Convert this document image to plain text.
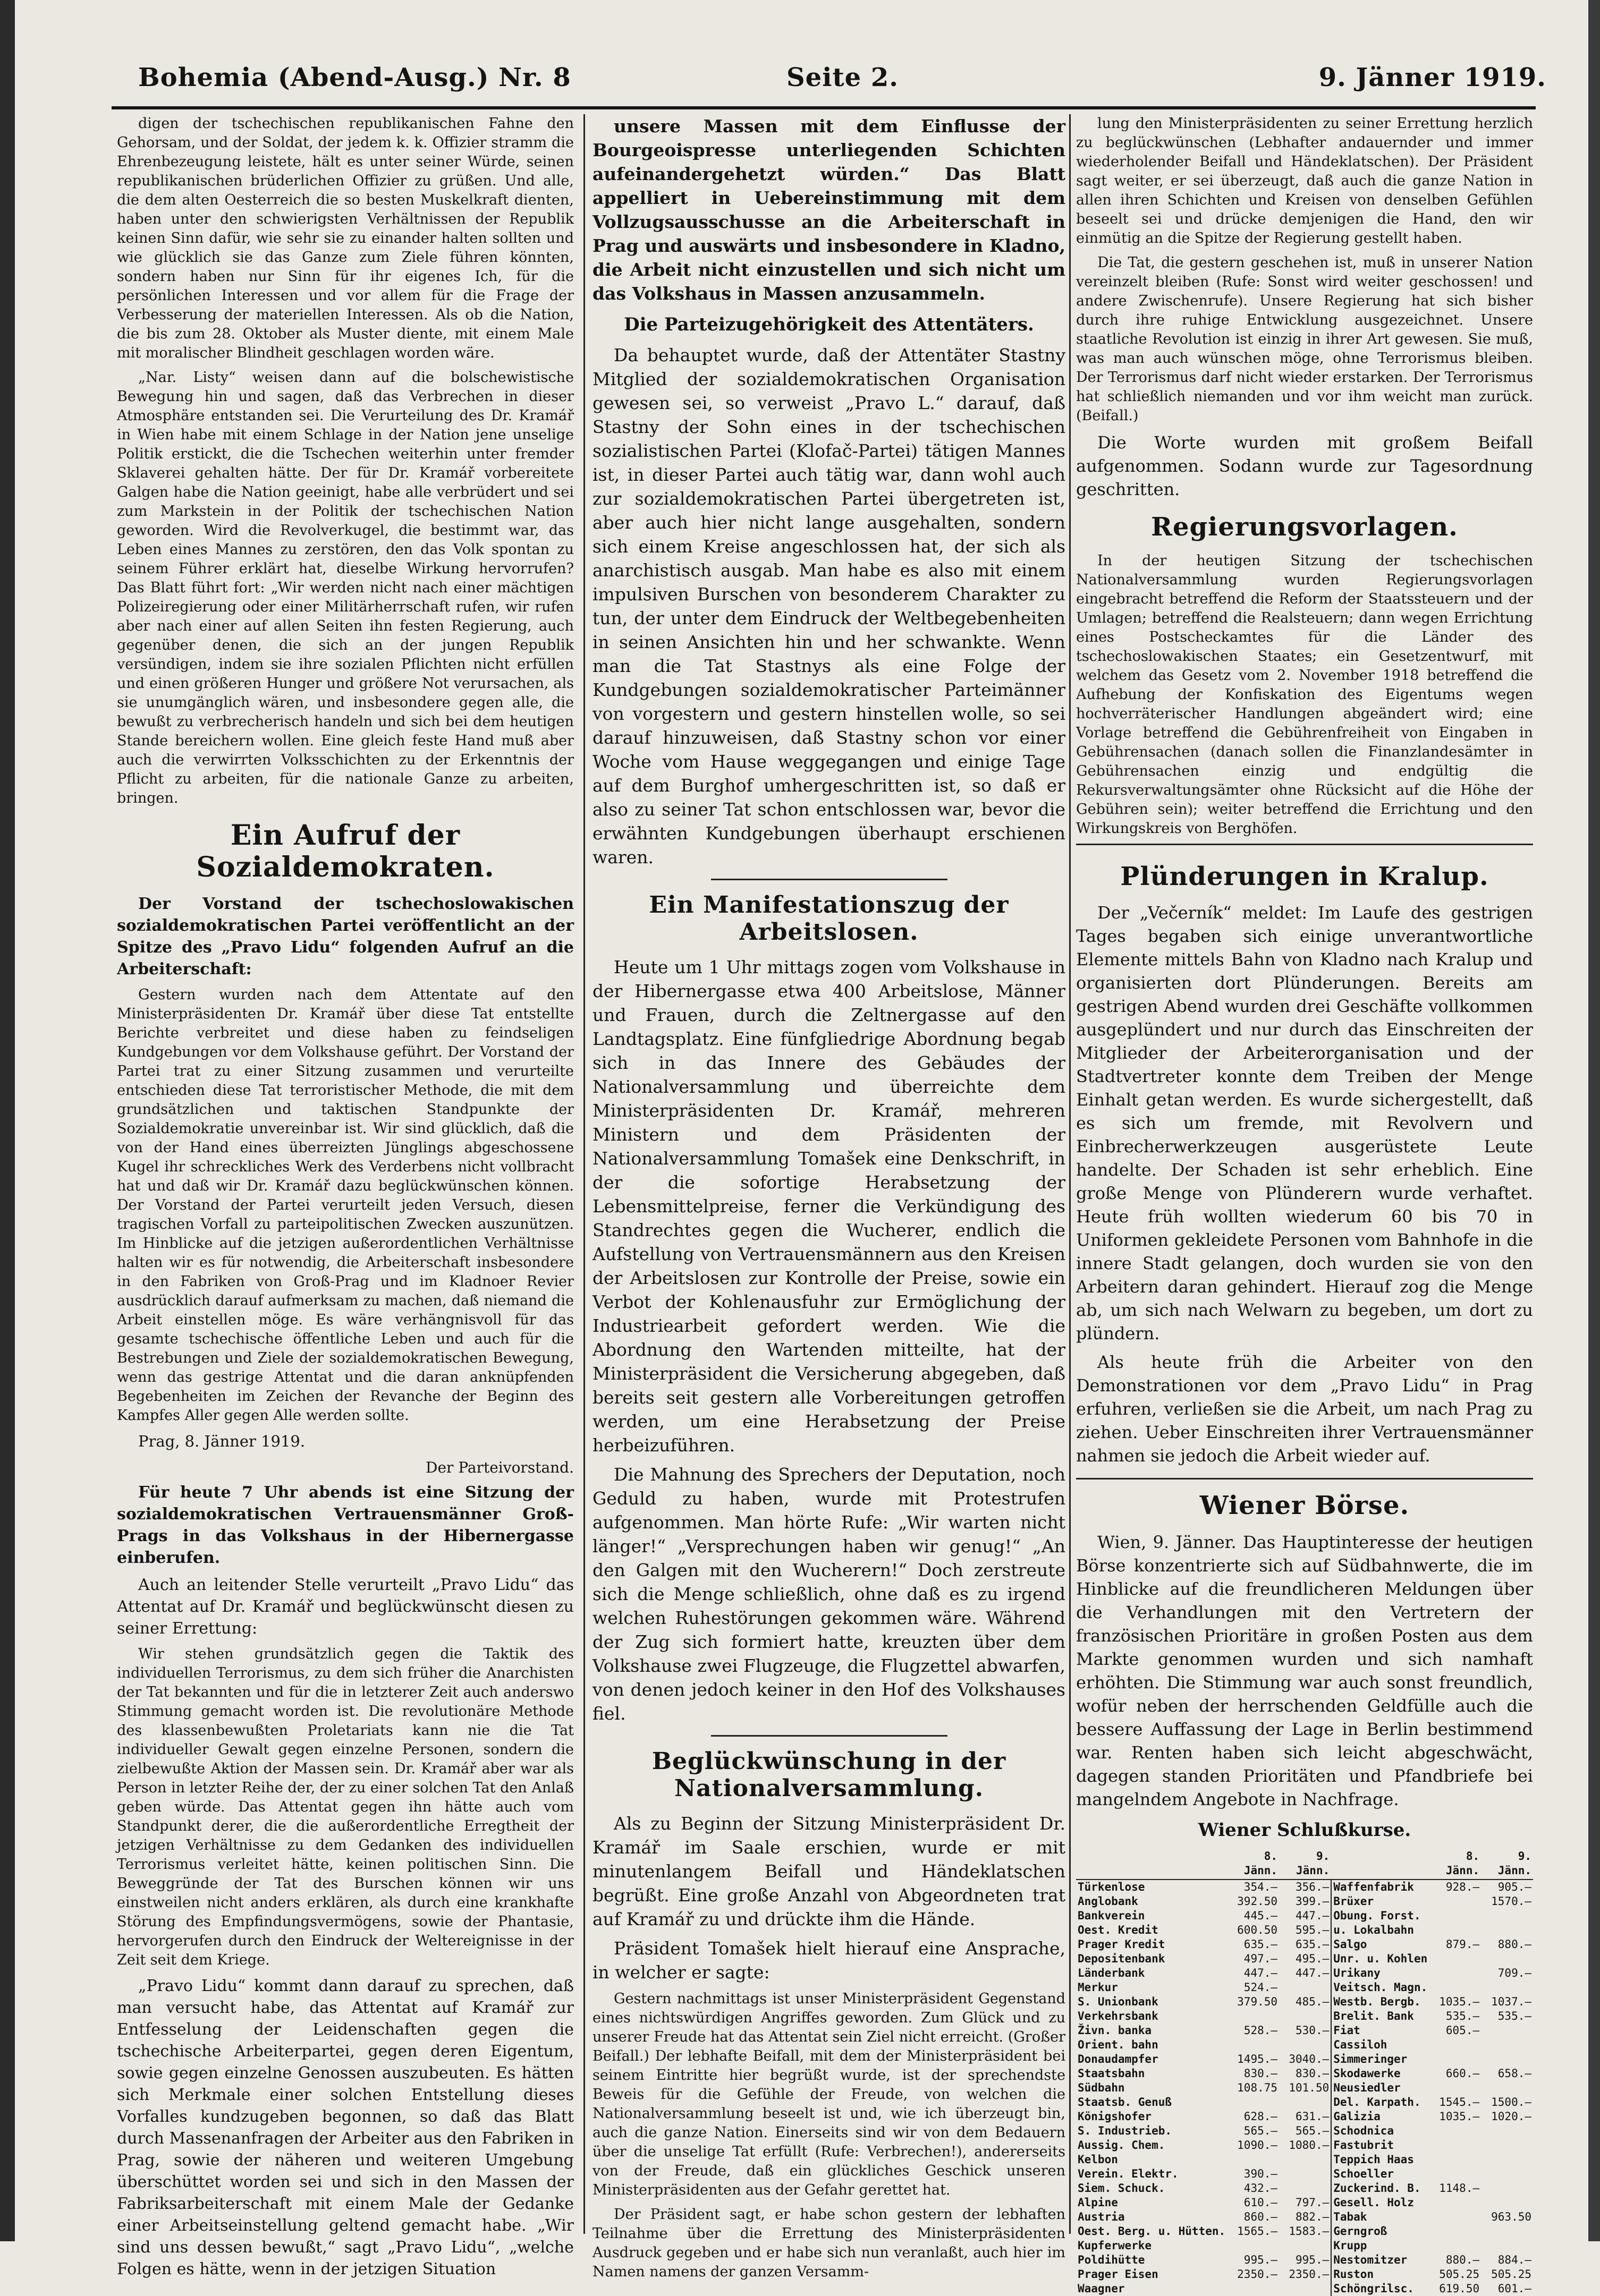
Bohemia (Abend-Ausg.) Nr. 8	Seite 2.	9. Jänner 1919.

digen der tschechischen republikanischen Fahne den Gehorsam, und der Soldat, der jedem k. k. Offizier stramm die Ehrenbezeugung leistete, hält es unter seiner Würde, seinen republikanischen brüderlichen Offizier zu grüßen. Und alle, die dem alten Oesterreich die so besten Muskelkraft dienten, haben unter den schwierigsten Verhältnissen der Republik keinen Sinn dafür, wie sehr sie zu einander halten sollten und wie glücklich sie das Ganze zum Ziele führen könnten, sondern haben nur Sinn für ihr eigenes Ich, für die persönlichen Interessen und vor allem für die Frage der Verbesserung der materiellen Interessen. Als ob die Nation, die bis zum 28. Oktober als Muster diente, mit einem Male mit moralischer Blindheit geschlagen worden wäre.

„Nar. Listy“ weisen dann auf die bolschewistische Bewegung hin und sagen, daß das Verbrechen in dieser Atmosphäre entstanden sei. Die Verurteilung des Dr. Kramář in Wien habe mit einem Schlage in der Nation jene unselige Politik erstickt, die die Tschechen weiterhin unter fremder Sklaverei gehalten hätte. Der für Dr. Kramář vorbereitete Galgen habe die Nation geeinigt, habe alle verbrüdert und sei zum Markstein in der Politik der tschechischen Nation geworden. Wird die Revolverkugel, die bestimmt war, das Leben eines Mannes zu zerstören, den das Volk spontan zu seinem Führer erklärt hat, dieselbe Wirkung hervorrufen? Das Blatt führt fort: „Wir werden nicht nach einer mächtigen Polizeiregierung oder einer Militärherrschaft rufen, wir rufen aber nach einer auf allen Seiten ihn festen Regierung, auch gegenüber denen, die sich an der jungen Republik versündigen, indem sie ihre sozialen Pflichten nicht erfüllen und einen größeren Hunger und größere Not verursachen, als sie unumgänglich wären, und insbesondere gegen alle, die bewußt zu verbrecherisch handeln und sich bei dem heutigen Stande bereichern wollen. Eine gleich feste Hand muß aber auch die verwirrten Volksschichten zu der Erkenntnis der Pflicht zu arbeiten, für die nationale Ganze zu arbeiten, bringen.

Ein Aufruf der Sozialdemokraten.

Der Vorstand der tschechoslowakischen sozialdemokratischen Partei veröffentlicht an der Spitze des „Pravo Lidu“ folgenden Aufruf an die Arbeiterschaft:

Gestern wurden nach dem Attentate auf den Ministerpräsidenten Dr. Kramář über diese Tat entstellte Berichte verbreitet und diese haben zu feindseligen Kundgebungen vor dem Volkshause geführt. Der Vorstand der Partei trat zu einer Sitzung zusammen und verurteilte entschieden diese Tat terroristischer Methode, die mit dem grundsätzlichen und taktischen Standpunkte der Sozialdemokratie unvereinbar ist. Wir sind glücklich, daß die von der Hand eines überreizten Jünglings abgeschossene Kugel ihr schreckliches Werk des Verderbens nicht vollbracht hat und daß wir Dr. Kramář dazu beglückwünschen können. Der Vorstand der Partei verurteilt jeden Versuch, diesen tragischen Vorfall zu parteipolitischen Zwecken auszunützen. Im Hinblicke auf die jetzigen außerordentlichen Verhältnisse halten wir es für notwendig, die Arbeiterschaft insbesondere in den Fabriken von Groß-Prag und im Kladnoer Revier ausdrücklich darauf aufmerksam zu machen, daß niemand die Arbeit einstellen möge. Es wäre verhängnisvoll für das gesamte tschechische öffentliche Leben und auch für die Bestrebungen und Ziele der sozialdemokratischen Bewegung, wenn das gestrige Attentat und die daran anknüpfenden Begebenheiten im Zeichen der Revanche der Beginn des Kampfes Aller gegen Alle werden sollte.

Prag, 8. Jänner 1919.
Der Parteivorstand.

Für heute 7 Uhr abends ist eine Sitzung der sozialdemokratischen Vertrauensmänner Groß-Prags in das Volkshaus in der Hibernergasse einberufen.

Auch an leitender Stelle verurteilt „Pravo Lidu“ das Attentat auf Dr. Kramář und beglückwünscht diesen zu seiner Errettung:

Wir stehen grundsätzlich gegen die Taktik des individuellen Terrorismus, zu dem sich früher die Anarchisten der Tat bekannten und für die in letzterer Zeit auch anderswo Stimmung gemacht worden ist. Die revolutionäre Methode des klassenbewußten Proletariats kann nie die Tat individueller Gewalt gegen einzelne Personen, sondern die zielbewußte Aktion der Massen sein. Dr. Kramář aber war als Person in letzter Reihe der, der zu einer solchen Tat den Anlaß geben würde. Das Attentat gegen ihn hätte auch vom Standpunkt derer, die die außerordentliche Erregtheit der jetzigen Verhältnisse zu dem Gedanken des individuellen Terrorismus verleitet hätte, keinen politischen Sinn. Die Beweggründe der Tat des Burschen können wir uns einstweilen nicht anders erklären, als durch eine krankhafte Störung des Empfindungsvermögens, sowie der Phantasie, hervorgerufen durch den Eindruck der Weltereignisse in der Zeit seit dem Kriege.

„Pravo Lidu“ kommt dann darauf zu sprechen, daß man versucht habe, das Attentat auf Kramář zur Entfesselung der Leidenschaften gegen die tschechische Arbeiterpartei, gegen deren Eigentum, sowie gegen einzelne Genossen auszubeuten. Es hätten sich Merkmale einer solchen Entstellung dieses Vorfalles kundzugeben begonnen, so daß das Blatt durch Massenanfragen der Arbeiter aus den Fabriken in Prag, sowie der näheren und weiteren Umgebung überschüttet worden sei und sich in den Massen der Fabriksarbeiterschaft mit einem Male der Gedanke einer Arbeitseinstellung geltend gemacht habe. „Wir sind uns dessen bewußt,“ sagt „Pravo Lidu“, „welche Folgen es hätte, wenn in der jetzigen Situation

unsere Massen mit dem Einflusse der Bourgeoispresse unterliegenden Schichten aufeinandergehetzt würden.“ Das Blatt appelliert in Uebereinstimmung mit dem Vollzugsausschusse an die Arbeiterschaft in Prag und auswärts und insbesondere in Kladno, die Arbeit nicht einzustellen und sich nicht um das Volkshaus in Massen anzusammeln.

Die Parteizugehörigkeit des Attentäters.

Da behauptet wurde, daß der Attentäter Stastny Mitglied der sozialdemokratischen Organisation gewesen sei, so verweist „Pravo L.“ darauf, daß Stastny der Sohn eines in der tschechischen sozialistischen Partei (Klofač-Partei) tätigen Mannes ist, in dieser Partei auch tätig war, dann wohl auch zur sozialdemokratischen Partei übergetreten ist, aber auch hier nicht lange ausgehalten, sondern sich einem Kreise angeschlossen hat, der sich als anarchistisch ausgab. Man habe es also mit einem impulsiven Burschen von besonderem Charakter zu tun, der unter dem Eindruck der Weltbegebenheiten in seinen Ansichten hin und her schwankte. Wenn man die Tat Stastnys als eine Folge der Kundgebungen sozialdemokratischer Parteimänner von vorgestern und gestern hinstellen wolle, so sei darauf hinzuweisen, daß Stastny schon vor einer Woche vom Hause weggegangen und einige Tage auf dem Burghof umhergeschritten ist, so daß er also zu seiner Tat schon entschlossen war, bevor die erwähnten Kundgebungen überhaupt erschienen waren.

Ein Manifestationszug der Arbeitslosen.

Heute um 1 Uhr mittags zogen vom Volkshause in der Hibernergasse etwa 400 Arbeitslose, Männer und Frauen, durch die Zeltnergasse auf den Landtagsplatz. Eine fünfgliedrige Abordnung begab sich in das Innere des Gebäudes der Nationalversammlung und überreichte dem Ministerpräsidenten Dr. Kramář, mehreren Ministern und dem Präsidenten der Nationalversammlung Tomašek eine Denkschrift, in der die sofortige Herabsetzung der Lebensmittelpreise, ferner die Verkündigung des Standrechtes gegen die Wucherer, endlich die Aufstellung von Vertrauensmännern aus den Kreisen der Arbeitslosen zur Kontrolle der Preise, sowie ein Verbot der Kohlenausfuhr zur Ermöglichung der Industriearbeit gefordert werden. Wie die Abordnung den Wartenden mitteilte, hat der Ministerpräsident die Versicherung abgegeben, daß bereits seit gestern alle Vorbereitungen getroffen werden, um eine Herabsetzung der Preise herbeizuführen.

Die Mahnung des Sprechers der Deputation, noch Geduld zu haben, wurde mit Protestrufen aufgenommen. Man hörte Rufe: „Wir warten nicht länger!“ „Versprechungen haben wir genug!“ „An den Galgen mit den Wucherern!“ Doch zerstreute sich die Menge schließlich, ohne daß es zu irgend welchen Ruhestörungen gekommen wäre. Während der Zug sich formiert hatte, kreuzten über dem Volkshause zwei Flugzeuge, die Flugzettel abwarfen, von denen jedoch keiner in den Hof des Volkshauses fiel.

Beglückwünschung in der Nationalversammlung.

Als zu Beginn der Sitzung Ministerpräsident Dr. Kramář im Saale erschien, wurde er mit minutenlangem Beifall und Händeklatschen begrüßt. Eine große Anzahl von Abgeordneten trat auf Kramář zu und drückte ihm die Hände.

Präsident Tomašek hielt hierauf eine Ansprache, in welcher er sagte:

Gestern nachmittags ist unser Ministerpräsident Gegenstand eines nichtswürdigen Angriffes geworden. Zum Glück und zu unserer Freude hat das Attentat sein Ziel nicht erreicht. (Großer Beifall.) Der lebhafte Beifall, mit dem der Ministerpräsident bei seinem Eintritte hier begrüßt wurde, ist der sprechendste Beweis für die Gefühle der Freude, von welchen die Nationalversammlung beseelt ist und, wie ich überzeugt bin, auch die ganze Nation. Einerseits sind wir von dem Bedauern über die unselige Tat erfüllt (Rufe: Verbrechen!), andererseits von der Freude, daß ein glückliches Geschick unseren Ministerpräsidenten aus der Gefahr gerettet hat.

Der Präsident sagt, er habe schon gestern der lebhaften Teilnahme über die Errettung des Ministerpräsidenten Ausdruck gegeben und er habe sich nun veranlaßt, auch hier im Namen namens der ganzen Versamm-

lung den Ministerpräsidenten zu seiner Errettung herzlich zu beglückwünschen (Lebhafter andauernder und immer wiederholender Beifall und Händeklatschen). Der Präsident sagt weiter, er sei überzeugt, daß auch die ganze Nation in allen ihren Schichten und Kreisen von denselben Gefühlen beseelt sei und drücke demjenigen die Hand, den wir einmütig an die Spitze der Regierung gestellt haben.

Die Tat, die gestern geschehen ist, muß in unserer Nation vereinzelt bleiben (Rufe: Sonst wird weiter geschossen! und andere Zwischenrufe). Unsere Regierung hat sich bisher durch ihre ruhige Entwicklung ausgezeichnet. Unsere staatliche Revolution ist einzig in ihrer Art gewesen. Sie muß, was man auch wünschen möge, ohne Terrorismus bleiben. Der Terrorismus darf nicht wieder erstarken. Der Terrorismus hat schließlich niemanden und vor ihm weicht man zurück. (Beifall.)

Die Worte wurden mit großem Beifall aufgenommen. Sodann wurde zur Tagesordnung geschritten.

Regierungsvorlagen.

In der heutigen Sitzung der tschechischen Nationalversammlung wurden Regierungsvorlagen eingebracht betreffend die Reform der Staatssteuern und der Umlagen; betreffend die Realsteuern; dann wegen Errichtung eines Postscheckamtes für die Länder des tschechoslowakischen Staates; ein Gesetzentwurf, mit welchem das Gesetz vom 2. November 1918 betreffend die Aufhebung der Konfiskation des Eigentums wegen hochverräterischer Handlungen abgeändert wird; eine Vorlage betreffend die Gebührenfreiheit von Eingaben in Gebührensachen (danach sollen die Finanzlandesämter in Gebührensachen einzig und endgültig die Rekursverwaltungsämter ohne Rücksicht auf die Höhe der Gebühren sein); weiter betreffend die Errichtung und den Wirkungskreis von Berghöfen.

Plünderungen in Kralup.

Der „Večerník“ meldet: Im Laufe des gestrigen Tages begaben sich einige unverantwortliche Elemente mittels Bahn von Kladno nach Kralup und organisierten dort Plünderungen. Bereits am gestrigen Abend wurden drei Geschäfte vollkommen ausgeplündert und nur durch das Einschreiten der Mitglieder der Arbeiterorganisation und der Stadtvertreter konnte dem Treiben der Menge Einhalt getan werden. Es wurde sichergestellt, daß es sich um fremde, mit Revolvern und Einbrecherwerkzeugen ausgerüstete Leute handelte. Der Schaden ist sehr erheblich. Eine große Menge von Plünderern wurde verhaftet. Heute früh wollten wiederum 60 bis 70 in Uniformen gekleidete Personen vom Bahnhofe in die innere Stadt gelangen, doch wurden sie von den Arbeitern daran gehindert. Hierauf zog die Menge ab, um sich nach Welwarn zu begeben, um dort zu plündern.

Als heute früh die Arbeiter von den Demonstrationen vor dem „Pravo Lidu“ in Prag erfuhren, verließen sie die Arbeit, um nach Prag zu ziehen. Ueber Einschreiten ihrer Vertrauensmänner nahmen sie jedoch die Arbeit wieder auf.

Wiener Börse.

Wien, 9. Jänner. Das Hauptinteresse der heutigen Börse konzentrierte sich auf Südbahnwerte, die im Hinblicke auf die freundlicheren Meldungen über die Verhandlungen mit den Vertretern der französischen Prioritäre in großen Posten aus dem Markte genommen wurden und sich namhaft erhöhten. Die Stimmung war auch sonst freundlich, wofür neben der herrschenden Geldfülle auch die bessere Auffassung der Lage in Berlin bestimmend war. Renten haben sich leicht abgeschwächt, dagegen standen Prioritäten und Pfandbriefe bei mangelndem Angebote in Nachfrage.

Wiener Schlußkurse.
	8. Jänn.	9. Jänn.		8. Jänn.	9. Jänn.
Türkenlose	354.—	356.—	Waffenfabrik	928.—	905.—
Anglobank	392.50	399.—	Brüxer		1570.—
Bankverein	445.—	447.—	Obung. Forst.		
Oest. Kredit	600.50	595.—	u. Lokalbahn		
Prager Kredit	635.—	635.—	Salgo	879.—	880.—
Depositenbank	497.—	495.—	Unr. u. Kohlen		
Länderbank	447.—	447.—	Urikany		709.—
Merkur	524.—		Veitsch. Magn.		
S. Unionbank	379.50	485.—	Westb. Bergb.	1035.—	1037.—
Verkehrsbank			Brelit. Bank	535.—	535.—
Živn. banka	528.—	530.—	Fiat	605.—	
Orient. bahn			Cassiloh		
Donaudampfer	1495.—	3040.—	Simmeringer		
Staatsbahn	830.—	830.—	Skodawerke	660.—	658.—
Südbahn	108.75	101.50	Neusiedler		
Staatsb. Genuß			Del. Karpath.	1545.—	1500.—
Königshofer	628.—	631.—	Galizia	1035.—	1020.—
S. Industrieb.	565.—	565.—	Schodnica		
Aussig. Chem.	1090.—	1080.—	Fastubrit		
Kelbon			Teppich Haas		
Verein. Elektr.	390.—		Schoeller		
Siem. Schuck.	432.—		Zuckerind. B.	1148.—	
Alpine	610.—	797.—	Gesell. Holz		
Austria	860.—	882.—	Tabak		963.50
Oest. Berg. u. Hütten.	1565.—	1583.—	Gerngroß		
Kupferwerke			Krupp		
Poldihütte	995.—	995.—	Nestomitzer	880.—	884.—
Prager Eisen	2350.—	2350.—	Ruston	505.25	505.25
Waagner			Schöngrilsc.	619.50	601.—
